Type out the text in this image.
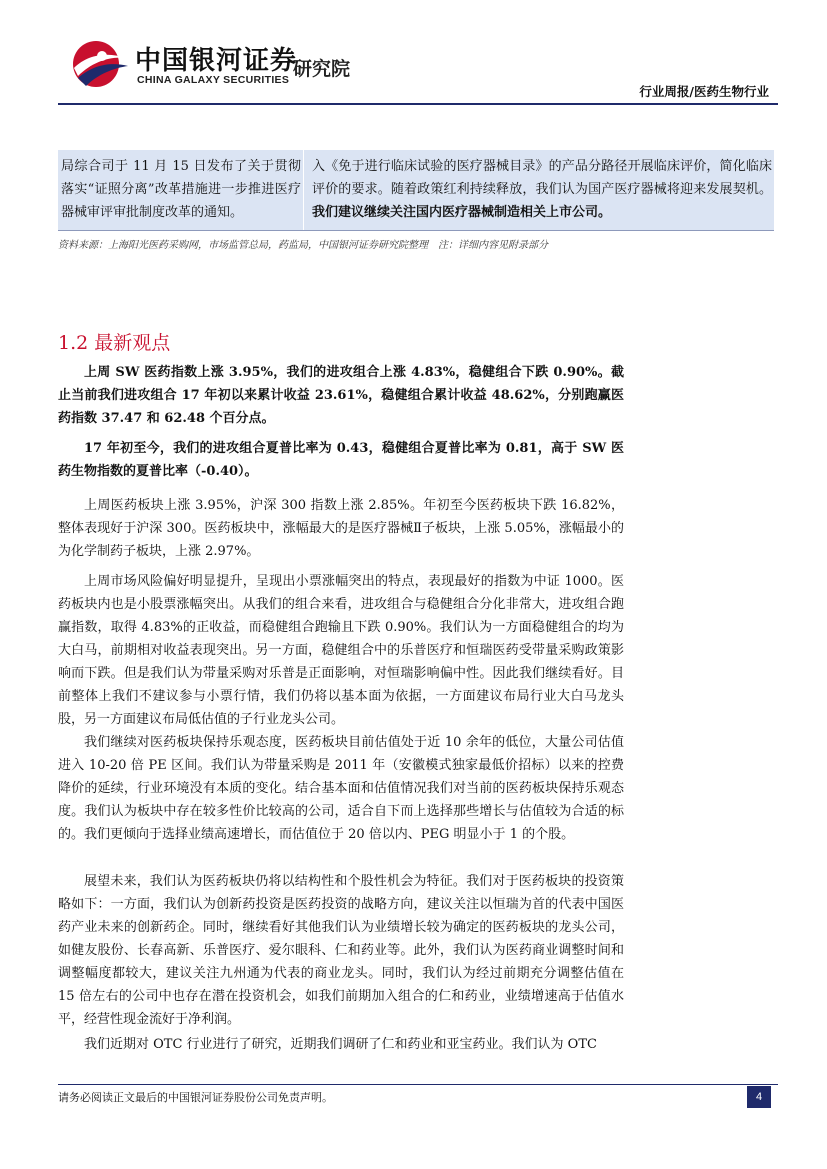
中国银河证券
CHINA GALAXY SECURITIES 研究院
行业周报/医药生物行业
局综合司于 11 月 15 日发布了关于贯彻落实“证照分离”改革措施进一步推进医疗器械审评审批制度改革的通知。
入《免于进行临床试验的医疗器械目录》的产品分路径开展临床评价，简化临床评价的要求。随着政策红利持续释放，我们认为国产医疗器械将迎来发展契机。我们建议继续关注国内医疗器械制造相关上市公司。
资料来源：上海阳光医药采购网，市场监管总局，药监局，中国银河证券研究院整理　注：详细内容见附录部分
1.2 最新观点

上周 SW 医药指数上涨 3.95%，我们的进攻组合上涨 4.83%，稳健组合下跌 0.90%。截止当前我们进攻组合 17 年初以来累计收益 23.61%，稳健组合累计收益 48.62%，分别跑赢医药指数 37.47 和 62.48 个百分点。

17 年初至今，我们的进攻组合夏普比率为 0.43，稳健组合夏普比率为 0.81，高于 SW 医药生物指数的夏普比率（-0.40）。

上周医药板块上涨 3.95%，沪深 300 指数上涨 2.85%。年初至今医药板块下跌 16.82%，整体表现好于沪深 300。医药板块中，涨幅最大的是医疗器械Ⅱ子板块，上涨 5.05%，涨幅最小的为化学制药子板块，上涨 2.97%。

上周市场风险偏好明显提升，呈现出小票涨幅突出的特点，表现最好的指数为中证 1000。医药板块内也是小股票涨幅突出。从我们的组合来看，进攻组合与稳健组合分化非常大，进攻组合跑赢指数，取得 4.83%的正收益，而稳健组合跑输且下跌 0.90%。我们认为一方面稳健组合的均为大白马，前期相对收益表现突出。另一方面，稳健组合中的乐普医疗和恒瑞医药受带量采购政策影响而下跌。但是我们认为带量采购对乐普是正面影响，对恒瑞影响偏中性。因此我们继续看好。目前整体上我们不建议参与小票行情，我们仍将以基本面为依据，一方面建议布局行业大白马龙头股，另一方面建议布局低估值的子行业龙头公司。

我们继续对医药板块保持乐观态度，医药板块目前估值处于近 10 余年的低位，大量公司估值进入 10-20 倍 PE 区间。我们认为带量采购是 2011 年（安徽模式独家最低价招标）以来的控费降价的延续，行业环境没有本质的变化。结合基本面和估值情况我们对当前的医药板块保持乐观态度。我们认为板块中存在较多性价比较高的公司，适合自下而上选择那些增长与估值较为合适的标的。我们更倾向于选择业绩高速增长，而估值位于 20 倍以内、PEG 明显小于 1 的个股。

展望未来，我们认为医药板块仍将以结构性和个股性机会为特征。我们对于医药板块的投资策略如下：一方面，我们认为创新药投资是医药投资的战略方向，建议关注以恒瑞为首的代表中国医药产业未来的创新药企。同时，继续看好其他我们认为业绩增长较为确定的医药板块的龙头公司，如健友股份、长春高新、乐普医疗、爱尔眼科、仁和药业等。此外，我们认为医药商业调整时间和调整幅度都较大，建议关注九州通为代表的商业龙头。同时，我们认为经过前期充分调整估值在 15 倍左右的公司中也存在潜在投资机会，如我们前期加入组合的仁和药业，业绩增速高于估值水平，经营性现金流好于净利润。

我们近期对 OTC 行业进行了研究，近期我们调研了仁和药业和亚宝药业。我们认为 OTC

请务必阅读正文最后的中国银河证券股份公司免责声明。	4
